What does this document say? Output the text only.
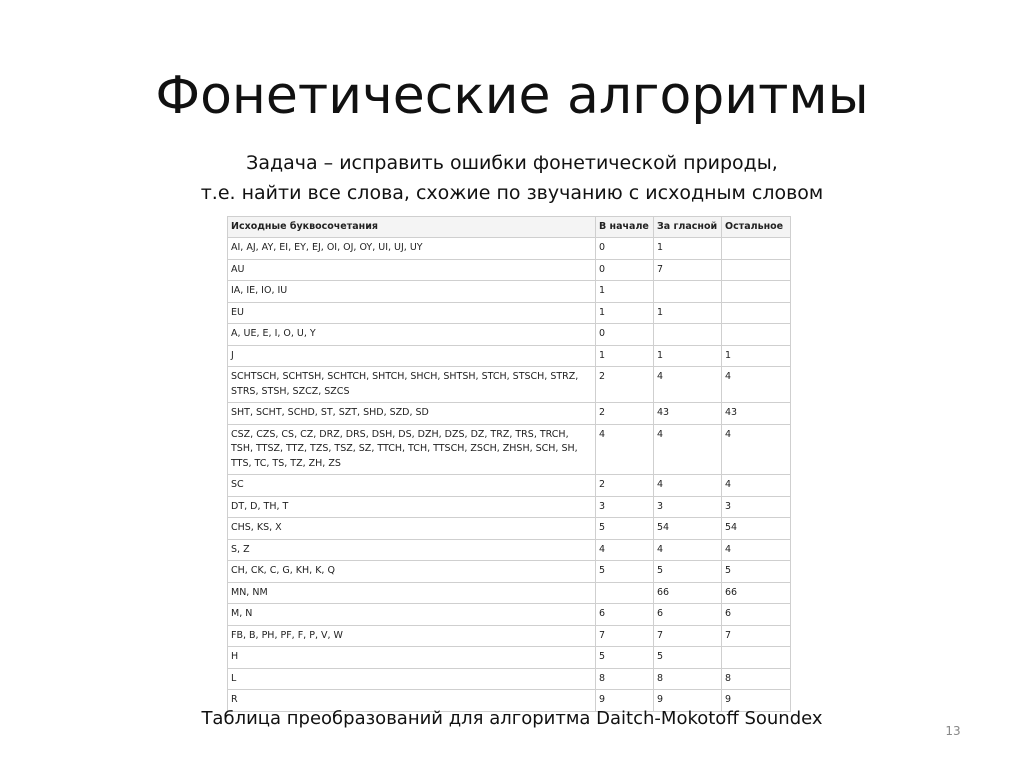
Фонетические алгоритмы
Задача – исправить ошибки фонетической природы,
т.е. найти все слова, схожие по звучанию с исходным словом
Исходные буквосочетания	В начале	За гласной	Остальное
AI, AJ, AY, EI, EY, EJ, OI, OJ, OY, UI, UJ, UY	0	1	
AU	0	7	
IA, IE, IO, IU	1		
EU	1	1	
A, UE, E, I, O, U, Y	0		
J	1	1	1
SCHTSCH, SCHTSH, SCHTCH, SHTCH, SHCH, SHTSH, STCH, STSCH, STRZ, STRS, STSH, SZCZ, SZCS	2	4	4
SHT, SCHT, SCHD, ST, SZT, SHD, SZD, SD	2	43	43
CSZ, CZS, CS, CZ, DRZ, DRS, DSH, DS, DZH, DZS, DZ, TRZ, TRS, TRCH, TSH, TTSZ, TTZ, TZS, TSZ, SZ, TTCH, TCH, TTSCH, ZSCH, ZHSH, SCH, SH, TTS, TC, TS, TZ, ZH, ZS	4	4	4
SC	2	4	4
DT, D, TH, T	3	3	3
CHS, KS, X	5	54	54
S, Z	4	4	4
CH, CK, C, G, KH, K, Q	5	5	5
MN, NM		66	66
M, N	6	6	6
FB, B, PH, PF, F, P, V, W	7	7	7
H	5	5	
L	8	8	8
R	9	9	9
Таблица преобразований для алгоритма Daitch-Mokotoff Soundex
13
